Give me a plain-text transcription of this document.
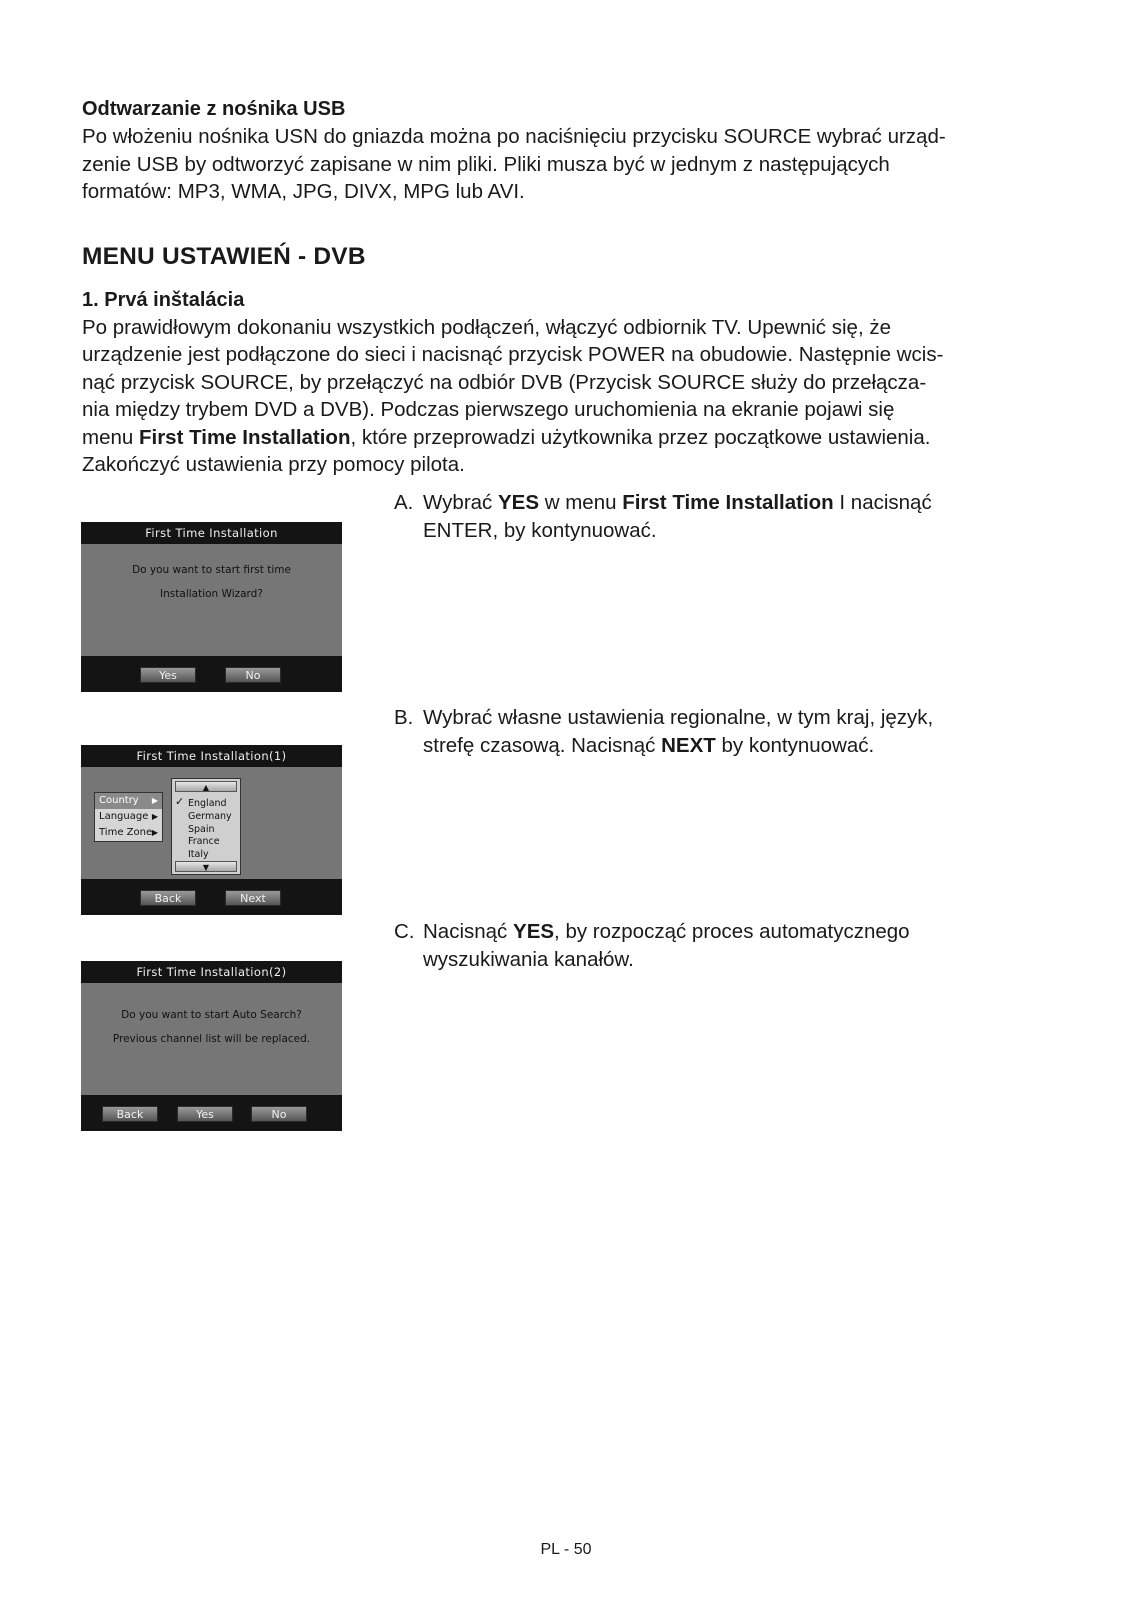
Odtwarzanie z nośnika USB

Po włożeniu nośnika USN do gniazda można po naciśnięciu przycisku SOURCE wybrać urząd-

zenie USB by odtworzyć zapisane w nim pliki. Pliki musza być w jednym z następujących

formatów: MP3, WMA, JPG, DIVX, MPG lub AVI.

MENU USTAWIEŃ - DVB

1. Prvá inštalácia

Po prawidłowym dokonaniu wszystkich podłączeń, włączyć odbiornik TV. Upewnić się, że

urządzenie jest podłączone do sieci i nacisnąć przycisk POWER na obudowie. Następnie wcis-

nąć przycisk SOURCE, by przełączyć na odbiór DVB (Przycisk SOURCE służy do przełącza-

nia między trybem DVD a DVB). Podczas pierwszego uruchomienia na ekranie pojawi się

menu First Time Installation, które przeprowadzi użytkownika przez początkowe ustawienia.

Zakończyć ustawienia przy pomocy pilota.

A. Wybrać YES w menu First Time Installation I nacisnąć
ENTER, by kontynuować.
B. Wybrać własne ustawienia regionalne, w tym kraj, język,
strefę czasową. Nacisnąć NEXT by kontynuować.
C. Nacisnąć YES, by rozpocząć proces automatycznego
wyszukiwania kanałów.
First Time Installation
Do you want to start first time
Installation Wizard?
Yes	No
First Time Installation(1)
Country ▶
Language ▶
Time Zone ▶
▲
✓ England
Germany
Spain
France
Italy
▼
Back	Next
First Time Installation(2)
Do you want to start Auto Search?
Previous channel list will be replaced.
Back	Yes	No
PL - 50
